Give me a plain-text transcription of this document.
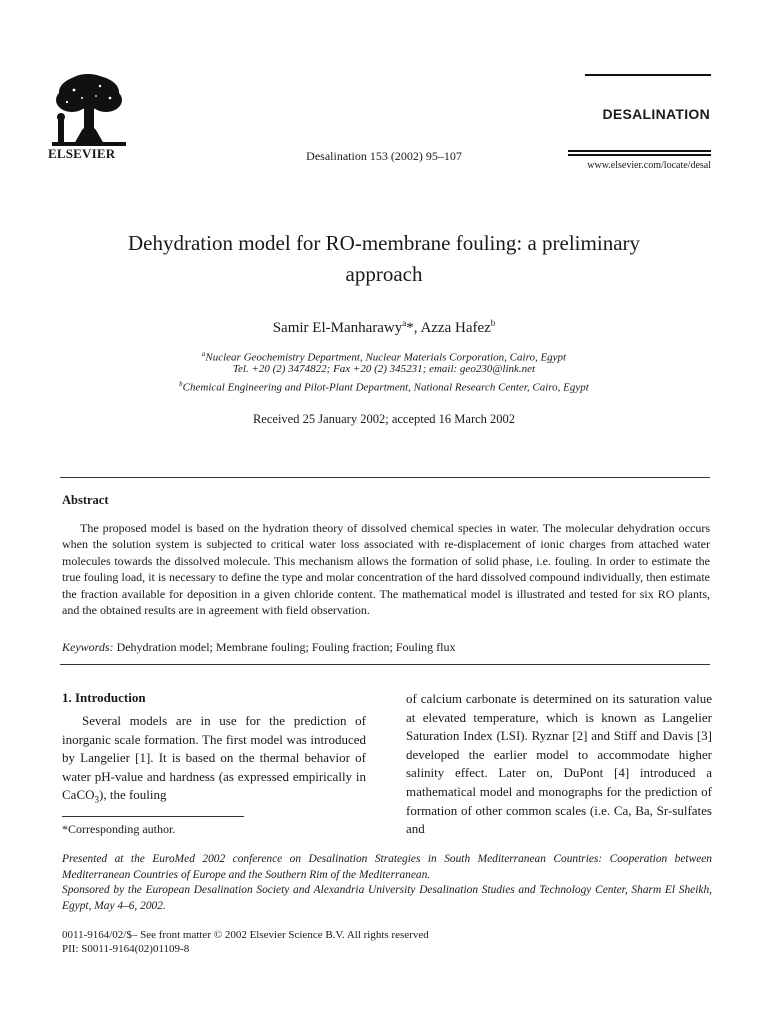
ELSEVIER	Desalination 153 (2002) 95–107
DESALINATION
www.elsevier.com/locate/desal
Dehydration model for RO-membrane fouling: a preliminary
approach
Samir El-Manharawy$^a$*, Azza Hafez$^b$
$^a$Nuclear Geochemistry Department, Nuclear Materials Corporation, Cairo, Egypt
Tel. +20 (2) 3474822; Fax +20 (2) 345231; email: geo230@link.net
$^b$Chemical Engineering and Pilot-Plant Department, National Research Center, Cairo, Egypt
Received 25 January 2002; accepted 16 March 2002
Abstract
The proposed model is based on the hydration theory of dissolved chemical species in water. The molecular dehydration occurs when the solution system is subjected to critical water loss associated with re-displacement of ionic charges from attached water molecules towards the dissolved molecule. This mechanism allows the formation of solid phase, i.e. fouling. In order to estimate the true fouling load, it is necessary to define the type and molar concentration of the hard dissolved compound individually, then estimate the fraction available for deposition in a given chloride content. The mathematical model is illustrated and tested for six RO plants, and the obtained results are in agreement with field observation.
Keywords: Dehydration model; Membrane fouling; Fouling fraction; Fouling flux
1. Introduction
Several models are in use for the prediction of inorganic scale formation. The first model was introduced by Langelier [1]. It is based on the thermal behavior of water pH-value and hardness (as expressed empirically in CaCO$_3$), the fouling
of calcium carbonate is determined on its saturation value at elevated temperature, which is known as Langelier Saturation Index (LSI). Ryznar [2] and Stiff and Davis [3] developed the earlier model to accommodate higher salinity effect. Later on, DuPont [4] introduced a mathematical model and monographs for the prediction of formation of other common scales (i.e. Ca, Ba, Sr-sulfates and
*Corresponding author.
Presented at the EuroMed 2002 conference on Desalination Strategies in South Mediterranean Countries: Cooperation between Mediterranean Countries of Europe and the Southern Rim of the Mediterranean.
Sponsored by the European Desalination Society and Alexandria University Desalination Studies and Technology Center, Sharm El Sheikh, Egypt, May 4–6, 2002.
0011-9164/02/$– See front matter © 2002 Elsevier Science B.V. All rights reserved
PII: S0011-9164(02)01109-8
